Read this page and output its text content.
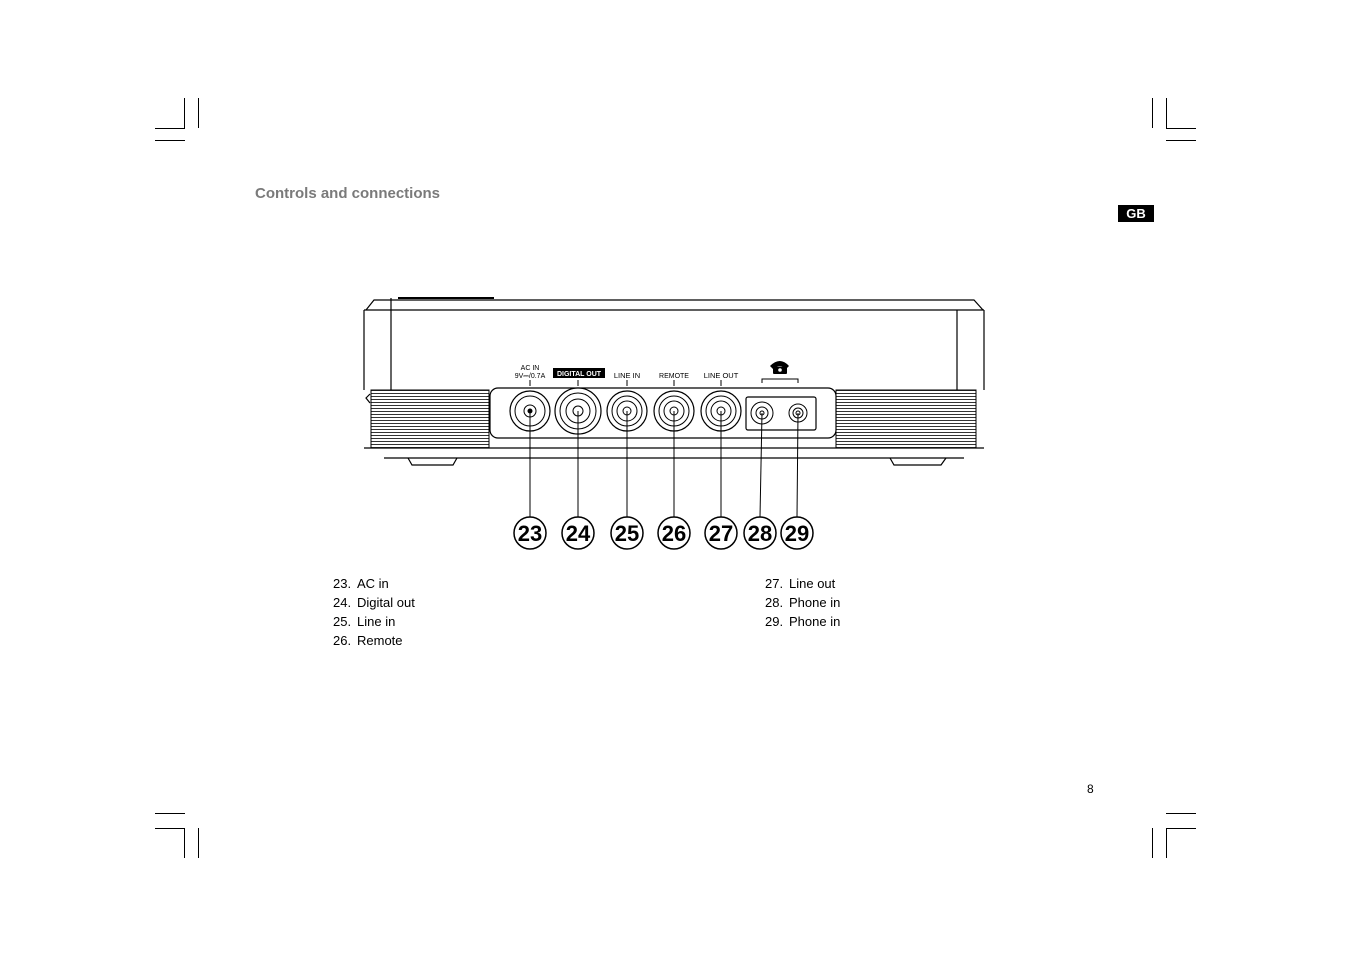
Controls and connections
GB
AC IN
9V⎓/0.7A DIGITAL OUT LINE IN	REMOTE LINE OUT
23 24 25 26 27 28 29
23. AC in
24. Digital out
25. Line in
26. Remote
27. Line out
28. Phone in
29. Phone in
8
